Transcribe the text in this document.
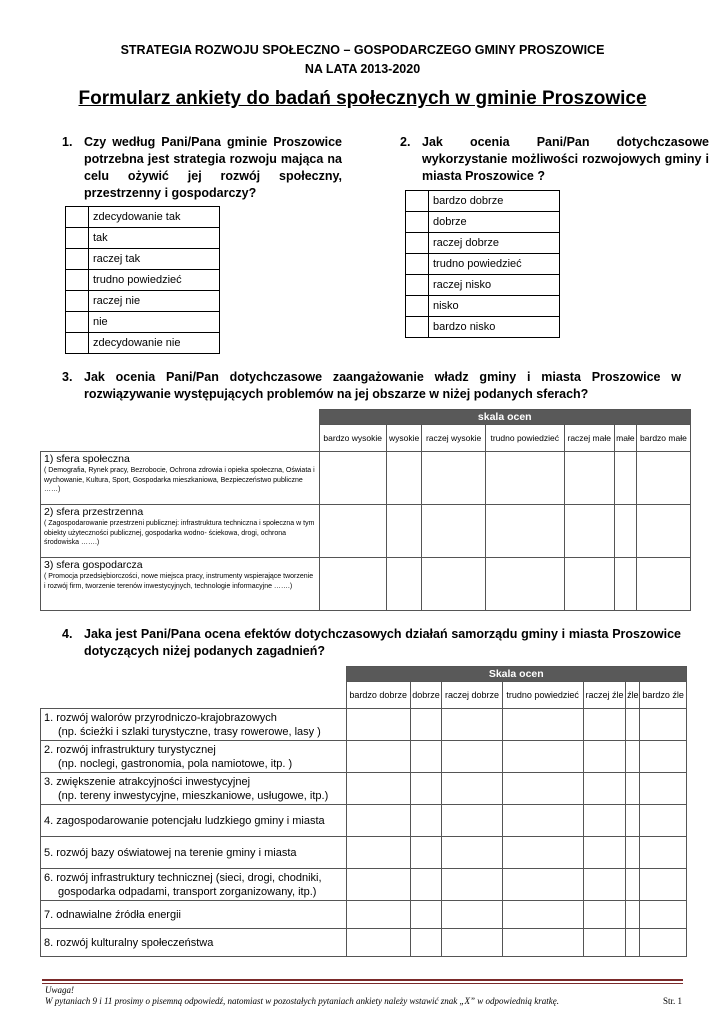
STRATEGIA ROZWOJU SPOŁECZNO – GOSPODARCZEGO GMINY PROSZOWICE
NA LATA 2013-2020
Formularz ankiety do badań społecznych w gminie Proszowice
1. Czy według Pani/Pana gminie Proszowice potrzebna jest strategia rozwoju mająca na celu ożywić jej rozwój społeczny, przestrzenny i gospodarczy?
	zdecydowanie tak
	tak
	raczej tak
	trudno powiedzieć
	raczej nie
	nie
	zdecydowanie nie
2. Jak ocenia Pani/Pan dotychczasowe wykorzystanie możliwości rozwojowych gminy i miasta Proszowice ?
	bardzo dobrze
	dobrze
	raczej dobrze
	trudno powiedzieć
	raczej nisko
	nisko
	bardzo nisko
3. Jak ocenia Pani/Pan dotychczasowe zaangażowanie władz gminy i miasta Proszowice w rozwiązywanie występujących problemów na jej obszarze w niżej podanych sferach?
	skala ocen						
	bardzo wysokie	wysokie	raczej wysokie	trudno powiedzieć	raczej małe	małe	bardzo małe

1) sfera społeczna
( Demografia, Rynek pracy, Bezrobocie, Ochrona zdrowia i opieka społeczna, Oświata i wychowanie, Kultura, Sport, Gospodarka mieszkaniowa, Bezpieczeństwo publiczne ……)							

2) sfera przestrzenna
( Zagospodarowanie przestrzeni publicznej: infrastruktura techniczna i społeczna w tym obiekty użyteczności publicznej, gospodarka wodno- ściekowa, drogi, ochrona środowiska …….)							

3) sfera gospodarcza
( Promocja przedsiębiorczości, nowe miejsca pracy, instrumenty wspierające tworzenie i rozwój firm, tworzenie terenów inwestycyjnych, technologie informacyjne …….)							
4. Jaka jest Pani/Pana ocena efektów dotychczasowych działań samorządu gminy i miasta Proszowice dotyczących niżej podanych zagadnień?
	Skala ocen						
	bardzo dobrze	dobrze	raczej dobrze	trudno powiedzieć	raczej źle	źle	bardzo źle

1. rozwój walorów przyrodniczo-krajobrazowych
(np. ścieżki i szlaki turystyczne, trasy rowerowe, lasy )							

2. rozwój infrastruktury turystycznej
(np. noclegi, gastronomia, pola namiotowe, itp. )							

3. zwiększenie atrakcyjności inwestycyjnej
(np. tereny inwestycyjne, mieszkaniowe, usługowe, itp.)							

4. zagospodarowanie potencjału ludzkiego gminy i miasta							

5. rozwój bazy oświatowej na terenie gminy i miasta							

6. rozwój infrastruktury technicznej (sieci, drogi, chodniki,
gospodarka odpadami, transport zorganizowany, itp.)							

7. odnawialne źródła energii							

8. rozwój kulturalny społeczeństwa							

Uwaga!
W pytaniach 9 i 11 prosimy o pisemną odpowiedź, natomiast w pozostałych pytaniach ankiety należy wstawić znak „X” w odpowiednią kratkę.	Str. 1
